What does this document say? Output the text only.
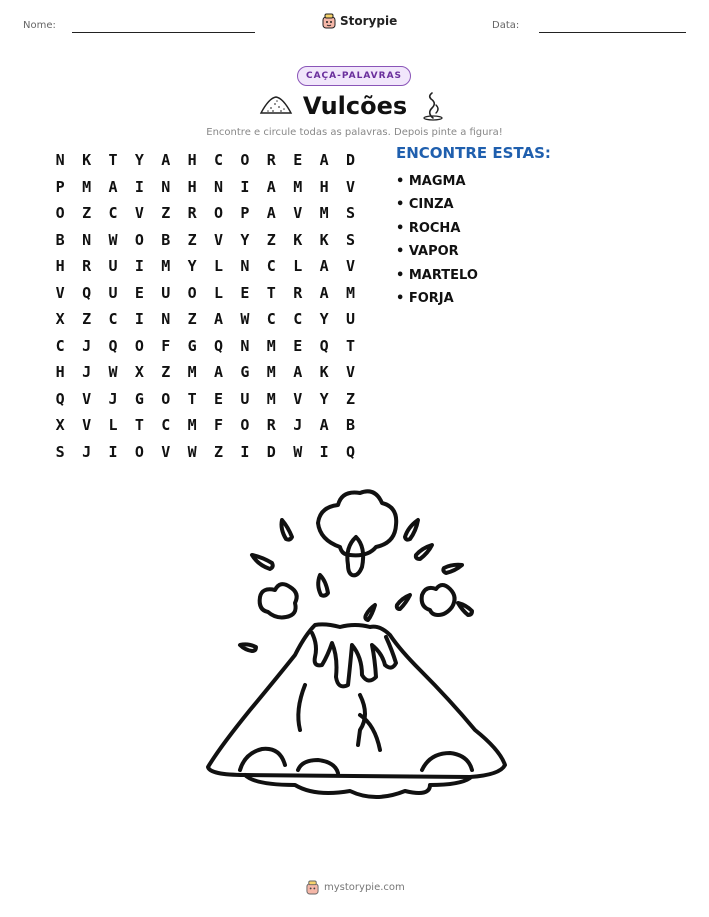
Nome:	Storypie	Data:
CAÇA-PALAVRAS
Vulcões
Encontre e circule todas as palavras. Depois pinte a figura!
N	K	T	Y	A	H	C	O	R	E	A	D
P	M	A	I	N	H	N	I	A	M	H	V
O	Z	C	V	Z	R	O	P	A	V	M	S
B	N	W	O	B	Z	V	Y	Z	K	K	S
H	R	U	I	M	Y	L	N	C	L	A	V
V	Q	U	E	U	O	L	E	T	R	A	M
X	Z	C	I	N	Z	A	W	C	C	Y	U
C	J	Q	O	F	G	Q	N	M	E	Q	T
H	J	W	X	Z	M	A	G	M	A	K	V
Q	V	J	G	O	T	E	U	M	V	Y	Z
X	V	L	T	C	M	F	O	R	J	A	B
S	J	I	O	V	W	Z	I	D	W	I	Q
ENCONTRE ESTAS:
• MAGMA
• CINZA
• ROCHA
• VAPOR
• MARTELO
• FORJA
mystorypie.com
